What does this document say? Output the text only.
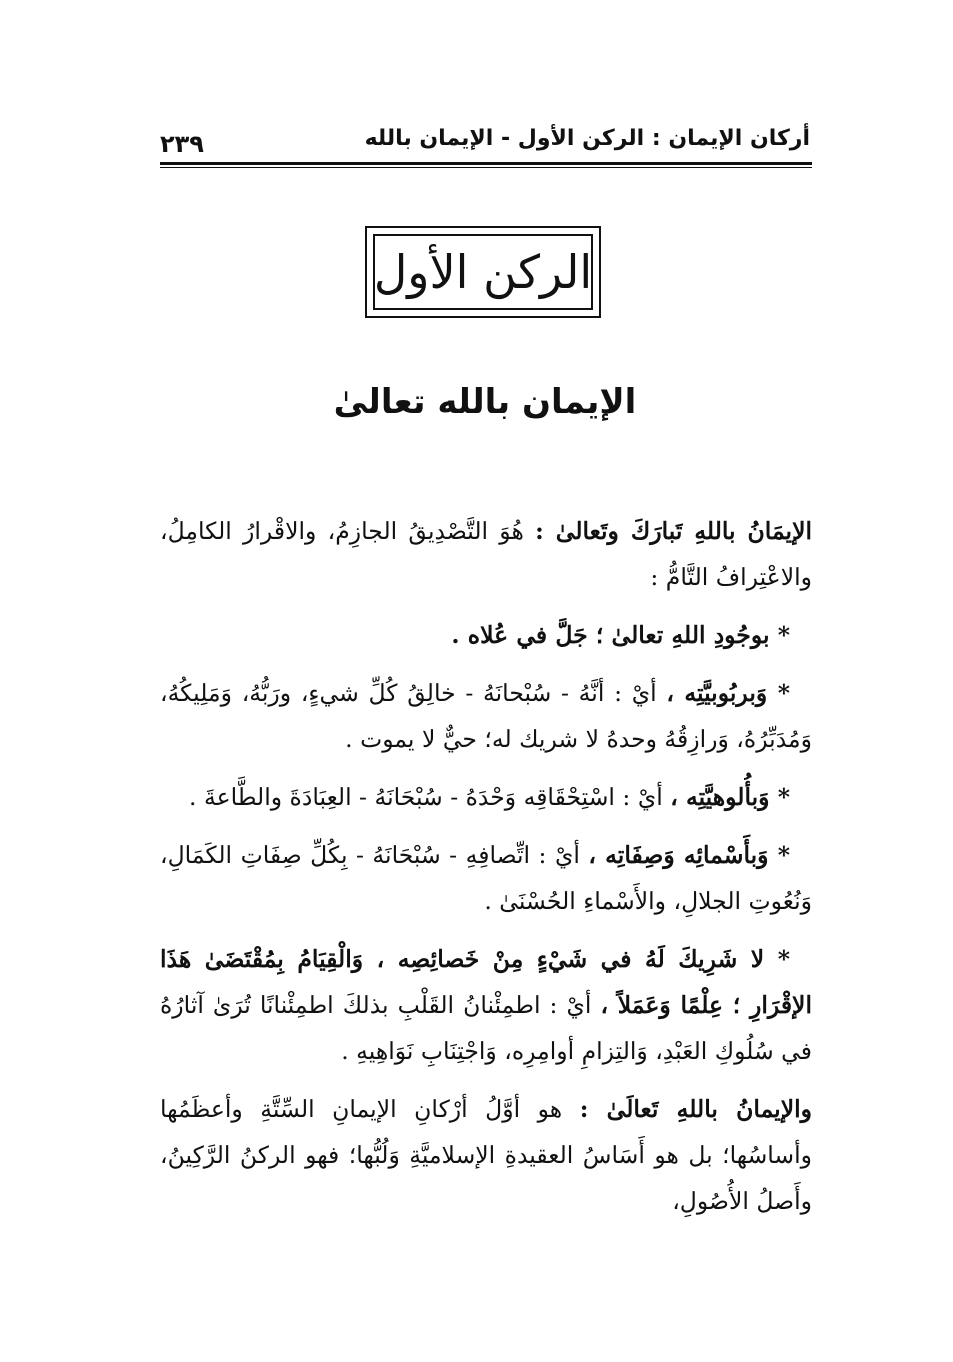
أركان الإيمان : الركن الأول - الإيمان بالله
٢٣٩
الركن الأول
الإيمان بالله تعالىٰ

الإيمَانُ باللهِ تَبارَكَ وتَعالىٰ : هُوَ التَّصْدِيقُ الجازِمُ، والاقْرارُ الكامِلُ، والاعْتِرافُ التَّامُّ :

* بوجُودِ اللهِ تعالىٰ ؛ جَلَّ في عُلاه .

* وَبربُوبيَّتِه ، أيْ : أنَّهُ - سُبْحانَهُ - خالِقُ كُلِّ شيءٍ، ورَبُّهُ، وَمَلِيكُهُ، وَمُدَبِّرُهُ، وَرازِقُهُ وحدهُ لا شريك له؛ حيٌّ لا يموت .

* وَبأُلوهيَّتِه ، أيْ : اسْتِحْقَاقِه وَحْدَهُ - سُبْحَانَهُ - العِبَادَةَ والطَّاعةَ .

* وَبأَسْمائِه وَصِفَاتِه ، أيْ : اتِّصافِهِ - سُبْحَانَهُ - بِكُلِّ صِفَاتِ الكَمَالِ، وَنُعُوتِ الجلالِ، والأَسْماءِ الحُسْنَىٰ .

* لا شَرِيكَ لَهُ في شَيْءٍ مِنْ خَصائِصِه ، وَالْقِيَامُ بِمُقْتَضَىٰ هَذَا الإقْرَارِ ؛ عِلْمًا وَعَمَلاً ، أيْ : اطمِئْنانُ القَلْبِ بذلكَ اطمِئْنانًا تُرَىٰ آثارُهُ في سُلُوكِ العَبْدِ، وَالتِزامِ أوامِرِه، وَاجْتِنَابِ نَوَاهِيهِ .

والإيمانُ باللهِ تَعالَىٰ : هو أوَّلُ أرْكانِ الإيمانِ السِّتَّةِ وأعظَمُها وأساسُها؛ بل هو أَسَاسُ العقيدةِ الإسلاميَّةِ وَلُبُّها؛ فهو الركنُ الرَّكِينُ، وأَصلُ الأُصُولِ،
